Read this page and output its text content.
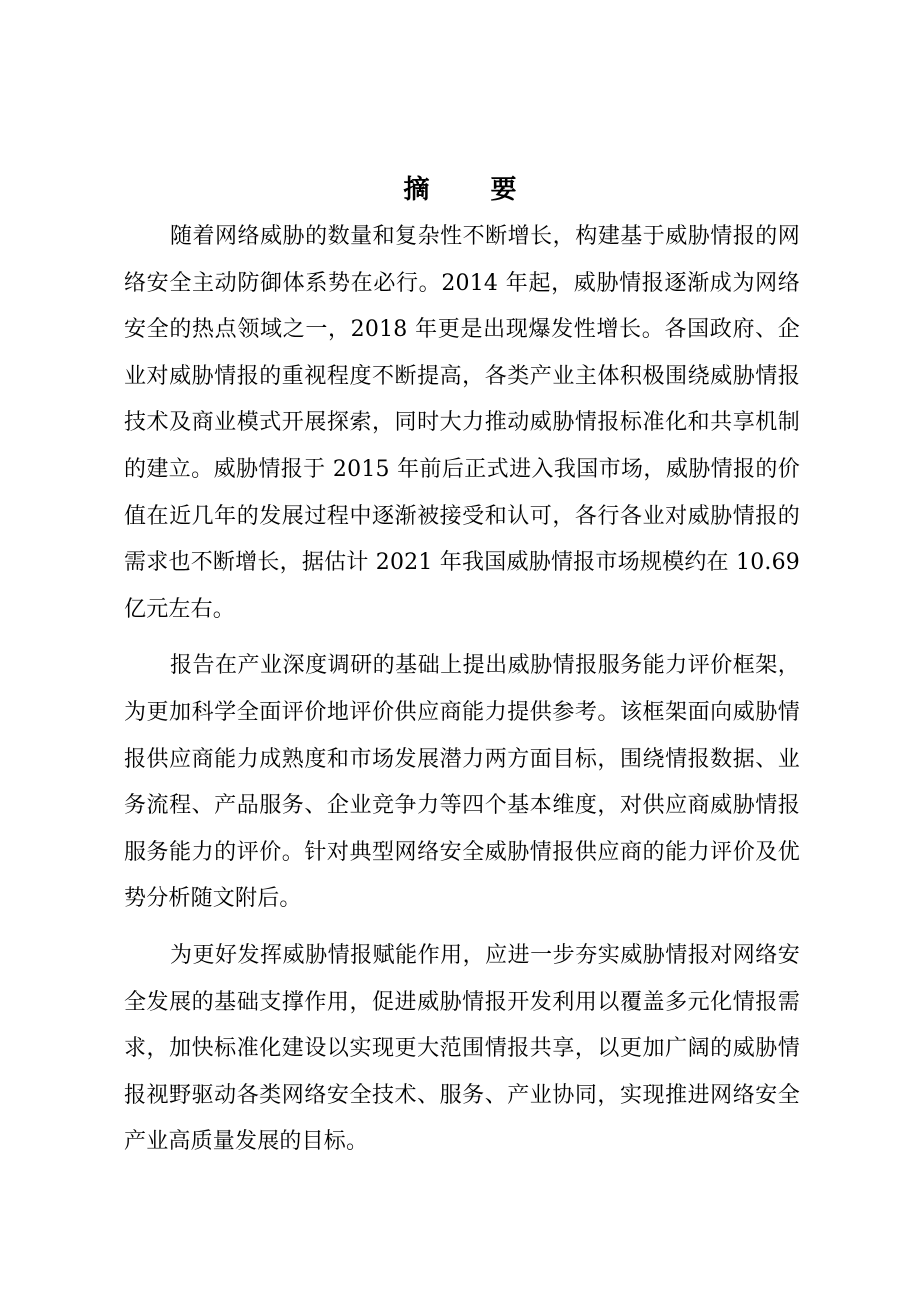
摘 要

随着网络威胁的数量和复杂性不断增长，构建基于威胁情报的网络安全主动防御体系势在必行。2014 年起，威胁情报逐渐成为网络安全的热点领域之一，2018 年更是出现爆发性增长。各国政府、企业对威胁情报的重视程度不断提高，各类产业主体积极围绕威胁情报技术及商业模式开展探索，同时大力推动威胁情报标准化和共享机制的建立。威胁情报于 2015 年前后正式进入我国市场，威胁情报的价值在近几年的发展过程中逐渐被接受和认可，各行各业对威胁情报的需求也不断增长，据估计 2021 年我国威胁情报市场规模约在 10.69 亿元左右。

报告在产业深度调研的基础上提出威胁情报服务能力评价框架，为更加科学全面评价地评价供应商能力提供参考。该框架面向威胁情报供应商能力成熟度和市场发展潜力两方面目标，围绕情报数据、业务流程、产品服务、企业竞争力等四个基本维度，对供应商威胁情报服务能力的评价。针对典型网络安全威胁情报供应商的能力评价及优势分析随文附后。

为更好发挥威胁情报赋能作用，应进一步夯实威胁情报对网络安全发展的基础支撑作用，促进威胁情报开发利用以覆盖多元化情报需求，加快标准化建设以实现更大范围情报共享，以更加广阔的威胁情报视野驱动各类网络安全技术、服务、产业协同，实现推进网络安全产业高质量发展的目标。
